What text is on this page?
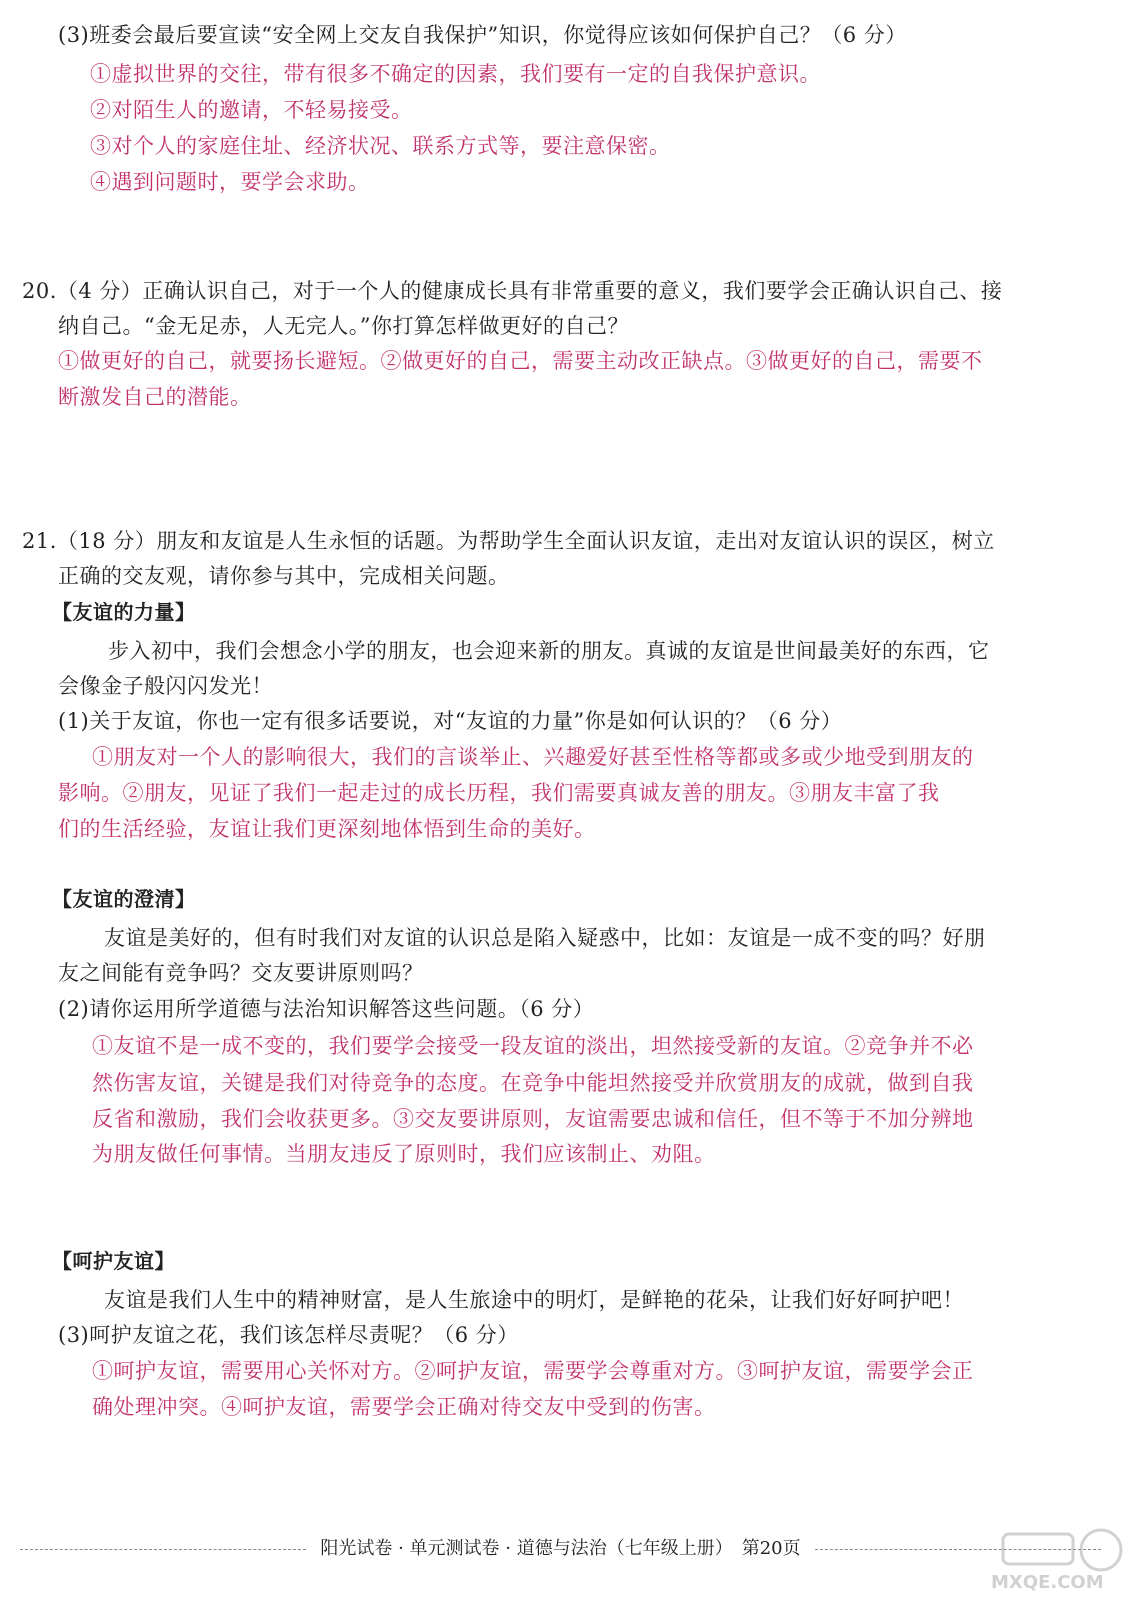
(3)班委会最后要宣读“安全网上交友自我保护”知识，你觉得应该如何保护自己？（6 分）
①虚拟世界的交往，带有很多不确定的因素，我们要有一定的自我保护意识。
②对陌生人的邀请，不轻易接受。
③对个人的家庭住址、经济状况、联系方式等，要注意保密。
④遇到问题时，要学会求助。
20.（4 分）正确认识自己，对于一个人的健康成长具有非常重要的意义，我们要学会正确认识自己、接
纳自己。“金无足赤，人无完人。”你打算怎样做更好的自己？
①做更好的自己，就要扬长避短。②做更好的自己，需要主动改正缺点。③做更好的自己，需要不
断激发自己的潜能。
21.（18 分）朋友和友谊是人生永恒的话题。为帮助学生全面认识友谊，走出对友谊认识的误区，树立
正确的交友观，请你参与其中，完成相关问题。
【友谊的力量】
步入初中，我们会想念小学的朋友，也会迎来新的朋友。真诚的友谊是世间最美好的东西，它
会像金子般闪闪发光！
(1)关于友谊，你也一定有很多话要说，对“友谊的力量”你是如何认识的？（6 分）
①朋友对一个人的影响很大，我们的言谈举止、兴趣爱好甚至性格等都或多或少地受到朋友的
影响。②朋友，见证了我们一起走过的成长历程，我们需要真诚友善的朋友。③朋友丰富了我
们的生活经验，友谊让我们更深刻地体悟到生命的美好。
【友谊的澄清】
友谊是美好的，但有时我们对友谊的认识总是陷入疑惑中，比如：友谊是一成不变的吗？好朋
友之间能有竞争吗？交友要讲原则吗？
(2)请你运用所学道德与法治知识解答这些问题。（6 分）
①友谊不是一成不变的，我们要学会接受一段友谊的淡出，坦然接受新的友谊。②竞争并不必
然伤害友谊，关键是我们对待竞争的态度。在竞争中能坦然接受并欣赏朋友的成就，做到自我
反省和激励，我们会收获更多。③交友要讲原则，友谊需要忠诚和信任，但不等于不加分辨地
为朋友做任何事情。当朋友违反了原则时，我们应该制止、劝阻。
【呵护友谊】
友谊是我们人生中的精神财富，是人生旅途中的明灯，是鲜艳的花朵，让我们好好呵护吧！
(3)呵护友谊之花，我们该怎样尽责呢？（6 分）
①呵护友谊，需要用心关怀对方。②呵护友谊，需要学会尊重对方。③呵护友谊，需要学会正
确处理冲突。④呵护友谊，需要学会正确对待交友中受到的伤害。
阳光试卷 · 单元测试卷 · 道德与法治（七年级上册）　第20页
MXQE.COM
